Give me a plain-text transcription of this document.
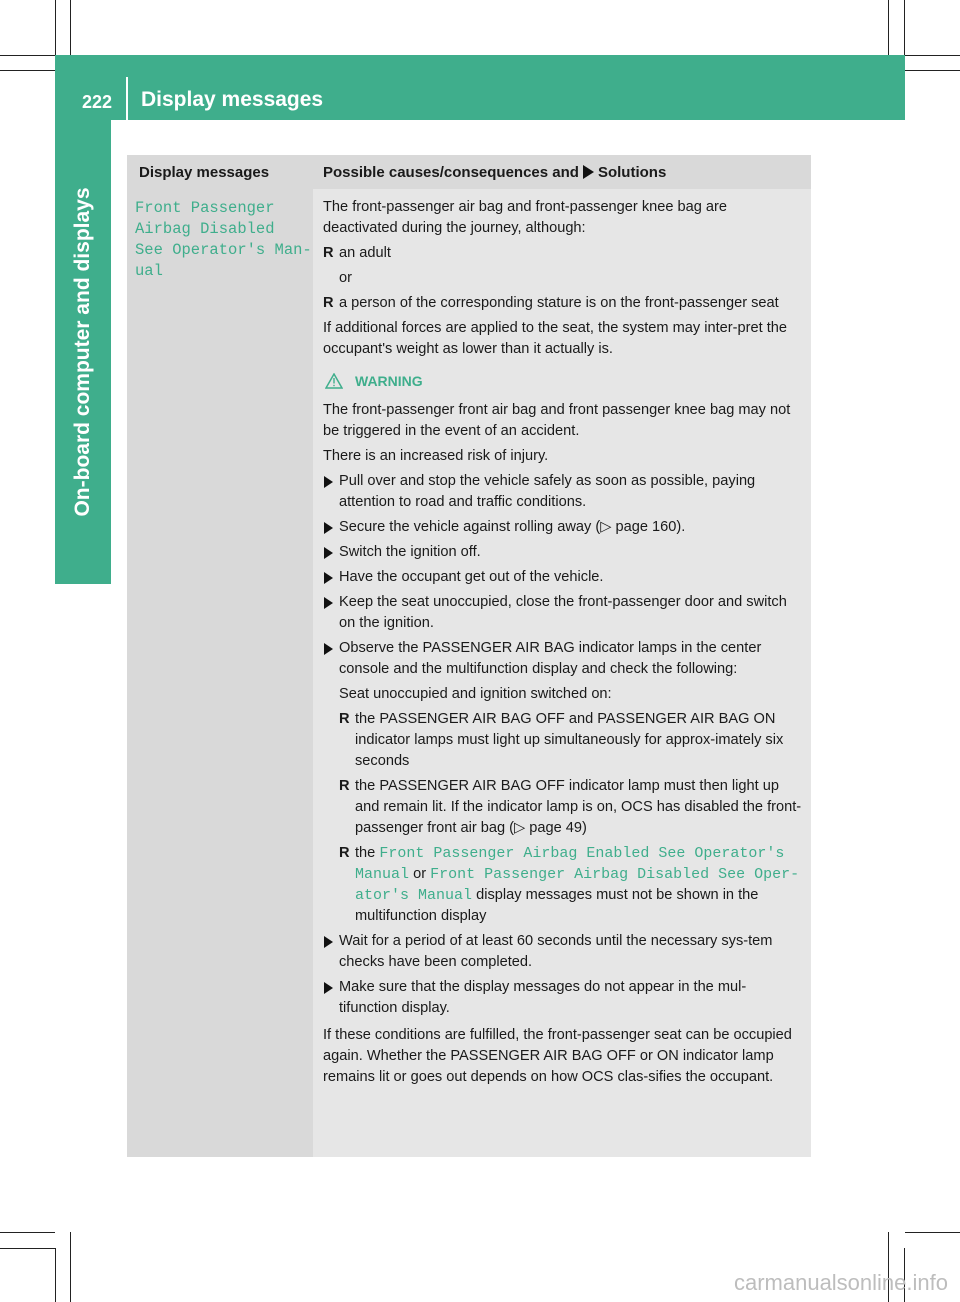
222 Display messages
On-board computer and displays
Display messages	Possible causes/consequences and Solutions
Front Passenger
Airbag Disabled
See Operator's Man‐
ual

The front-passenger air bag and front-passenger knee bag are deactivated during the journey, although:

R an adult
or
R a person of the corresponding stature is on the front-passenger seat

If additional forces are applied to the seat, the system may inter-pret the occupant's weight as lower than it actually is.

WARNING

The front-passenger front air bag and front passenger knee bag may not be triggered in the event of an accident.

There is an increased risk of injury.

Pull over and stop the vehicle safely as soon as possible, paying attention to road and traffic conditions.
Secure the vehicle against rolling away (▷ page 160).
Switch the ignition off.
Have the occupant get out of the vehicle.
Keep the seat unoccupied, close the front-passenger door and switch on the ignition.
Observe the PASSENGER AIR BAG indicator lamps in the center console and the multifunction display and check the following:
Seat unoccupied and ignition switched on:
R the PASSENGER AIR BAG OFF and PASSENGER AIR BAG ON indicator lamps must light up simultaneously for approx-imately six seconds
R the PASSENGER AIR BAG OFF indicator lamp must then light up and remain lit. If the indicator lamp is on, OCS has disabled the front-passenger front air bag (▷ page 49)
R the Front Passenger Airbag Enabled See Operator's Manual or Front Passenger Airbag Disabled See Oper‐ator's Manual display messages must not be shown in the multifunction display
Wait for a period of at least 60 seconds until the necessary sys-tem checks have been completed.
Make sure that the display messages do not appear in the mul-tifunction display.

If these conditions are fulfilled, the front-passenger seat can be occupied again. Whether the PASSENGER AIR BAG OFF or ON indicator lamp remains lit or goes out depends on how OCS clas-sifies the occupant.

carmanualsonline.info
